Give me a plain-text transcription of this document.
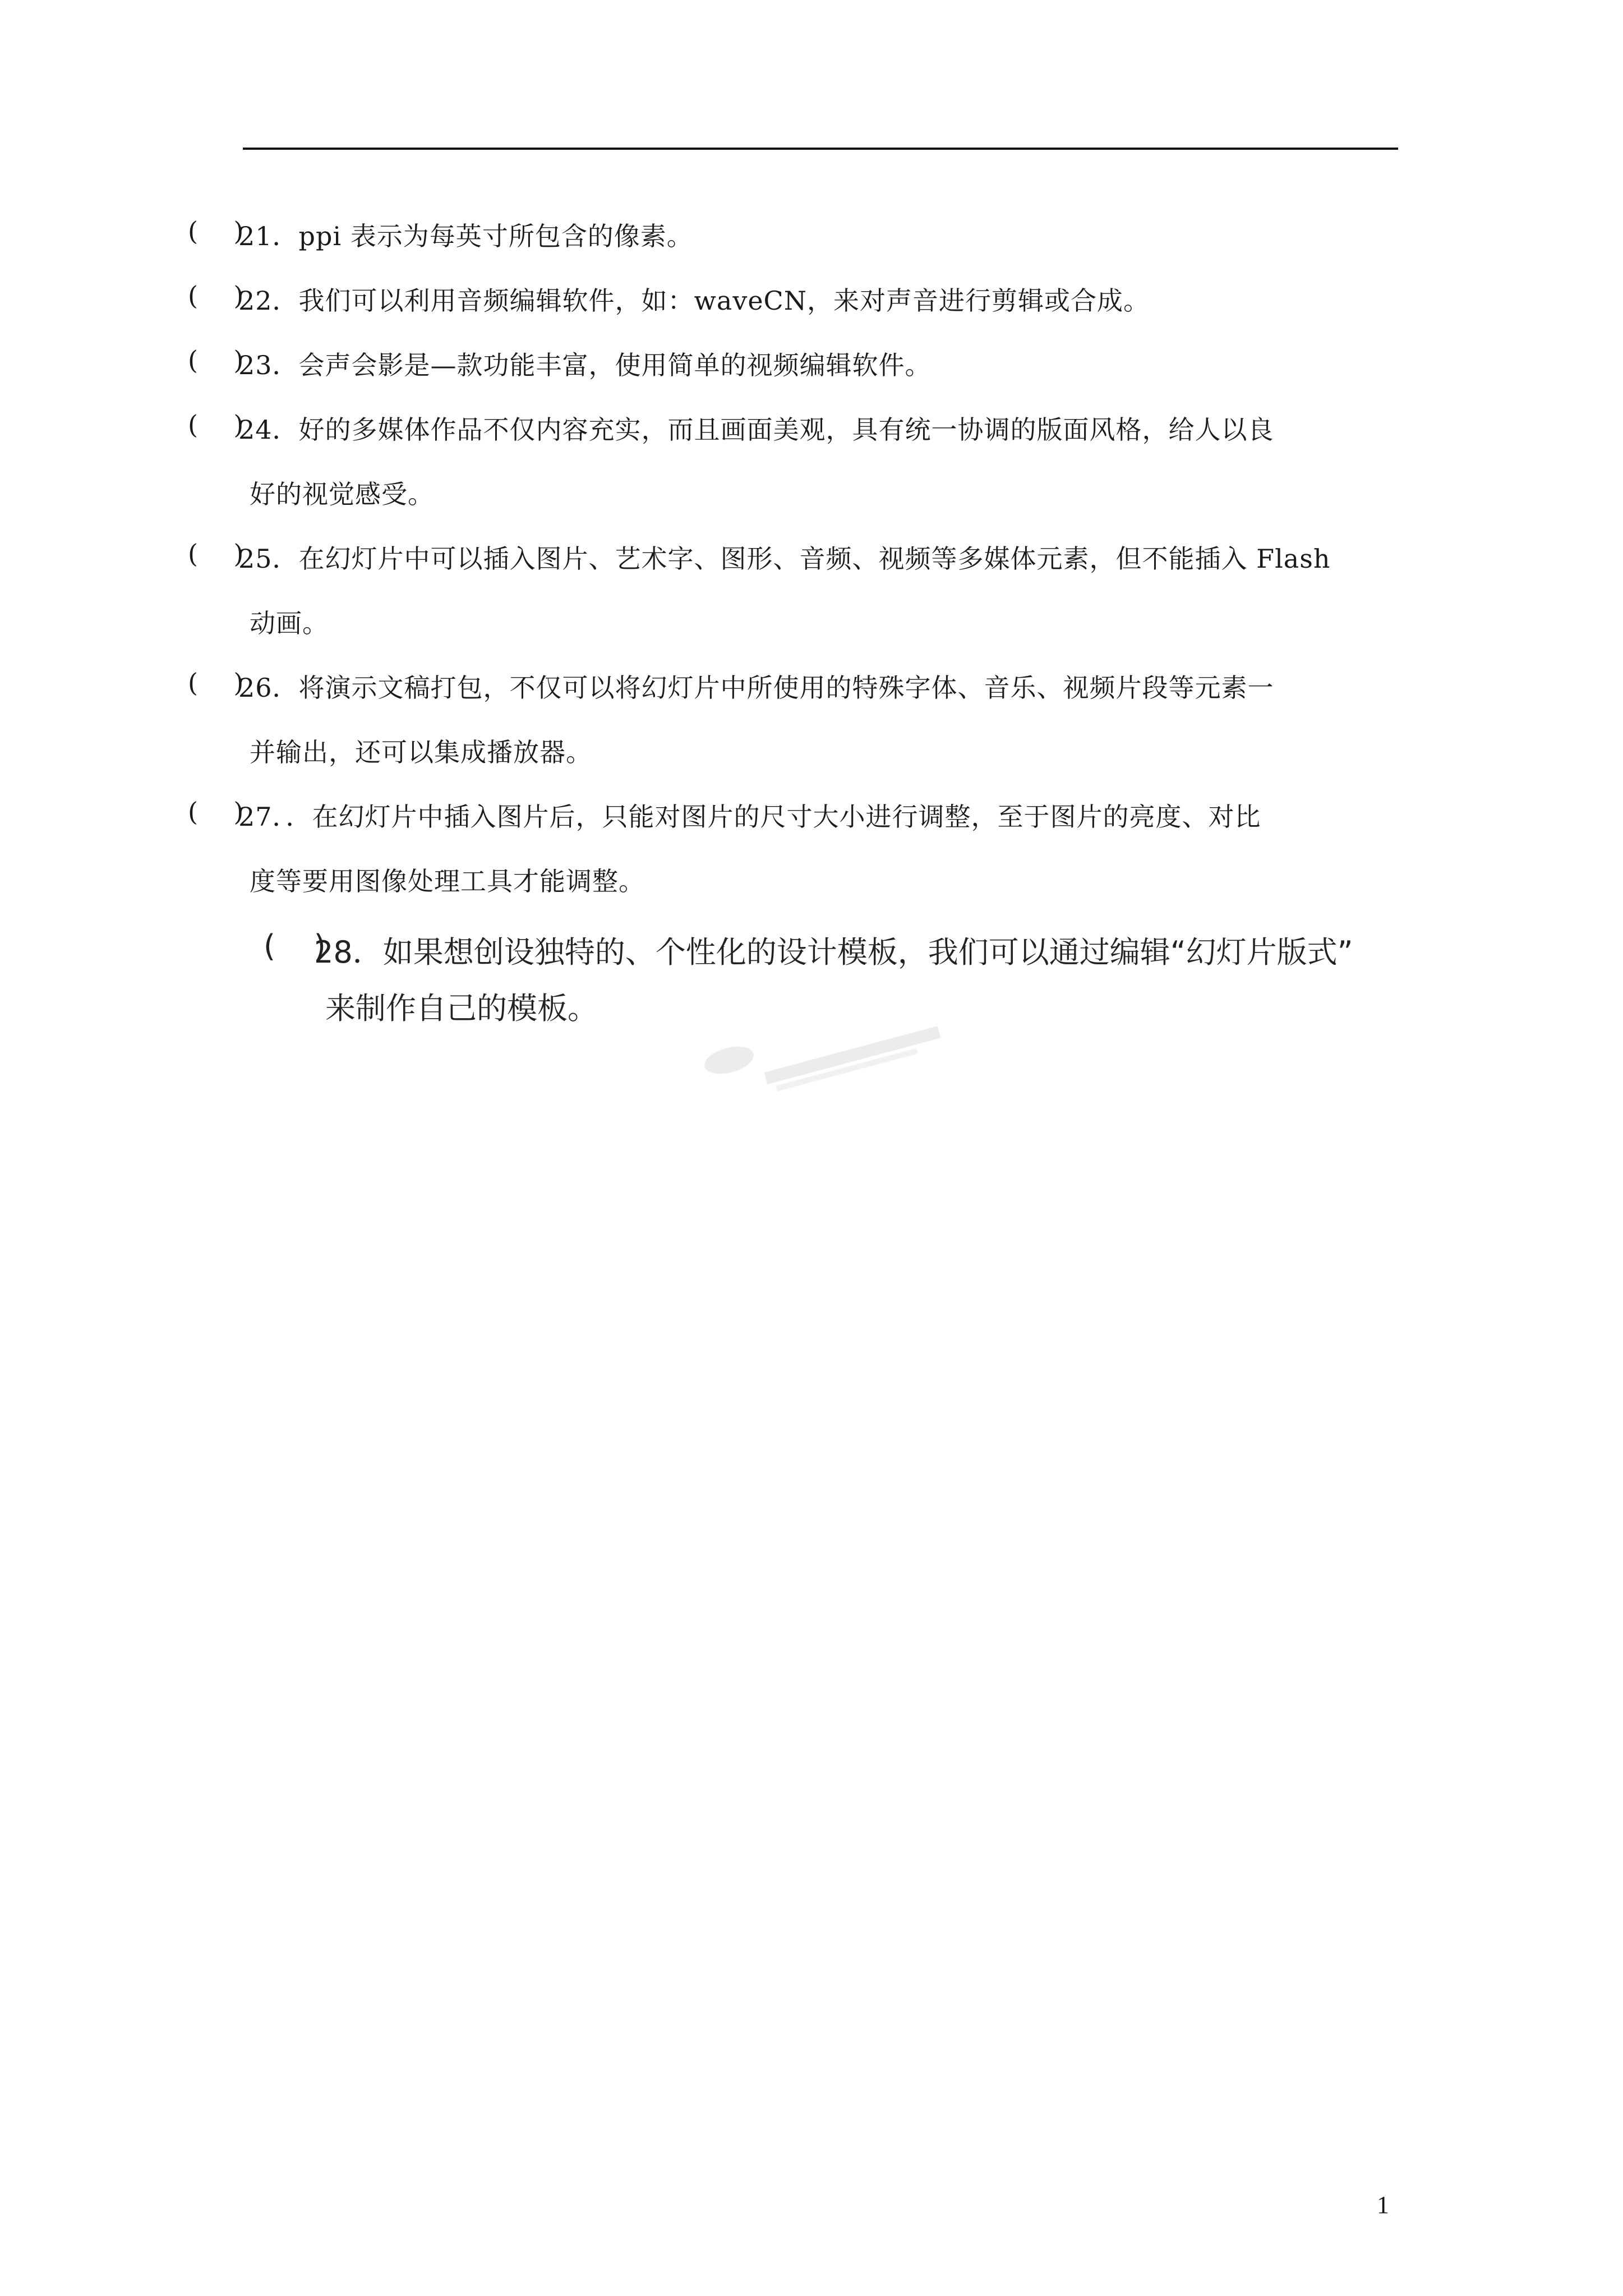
(    )
21．ppi 表示为每英寸所包含的像素。
(    )
22．我们可以利用音频编辑软件，如：waveCN，来对声音进行剪辑或合成。
(    )
23．会声会影是—款功能丰富，使用简单的视频编辑软件。
(    )
24．好的多媒体作品不仅内容充实，而且画面美观，具有统一协调的版面风格，给人以良
好的视觉感受。
(    )
25．在幻灯片中可以插入图片、艺术字、图形、音频、视频等多媒体元素，但不能插入 Flash
动画。
(    )
26．将演示文稿打包，不仅可以将幻灯片中所使用的特殊字体、音乐、视频片段等元素一
并输出，还可以集成播放器。
(    )
27．．在幻灯片中插入图片后，只能对图片的尺寸大小进行调整，至于图片的亮度、对比
度等要用图像处理工具才能调整。
(    )
28．如果想创设独特的、个性化的设计模板，我们可以通过编辑“幻灯片版式”
来制作自己的模板。
1
